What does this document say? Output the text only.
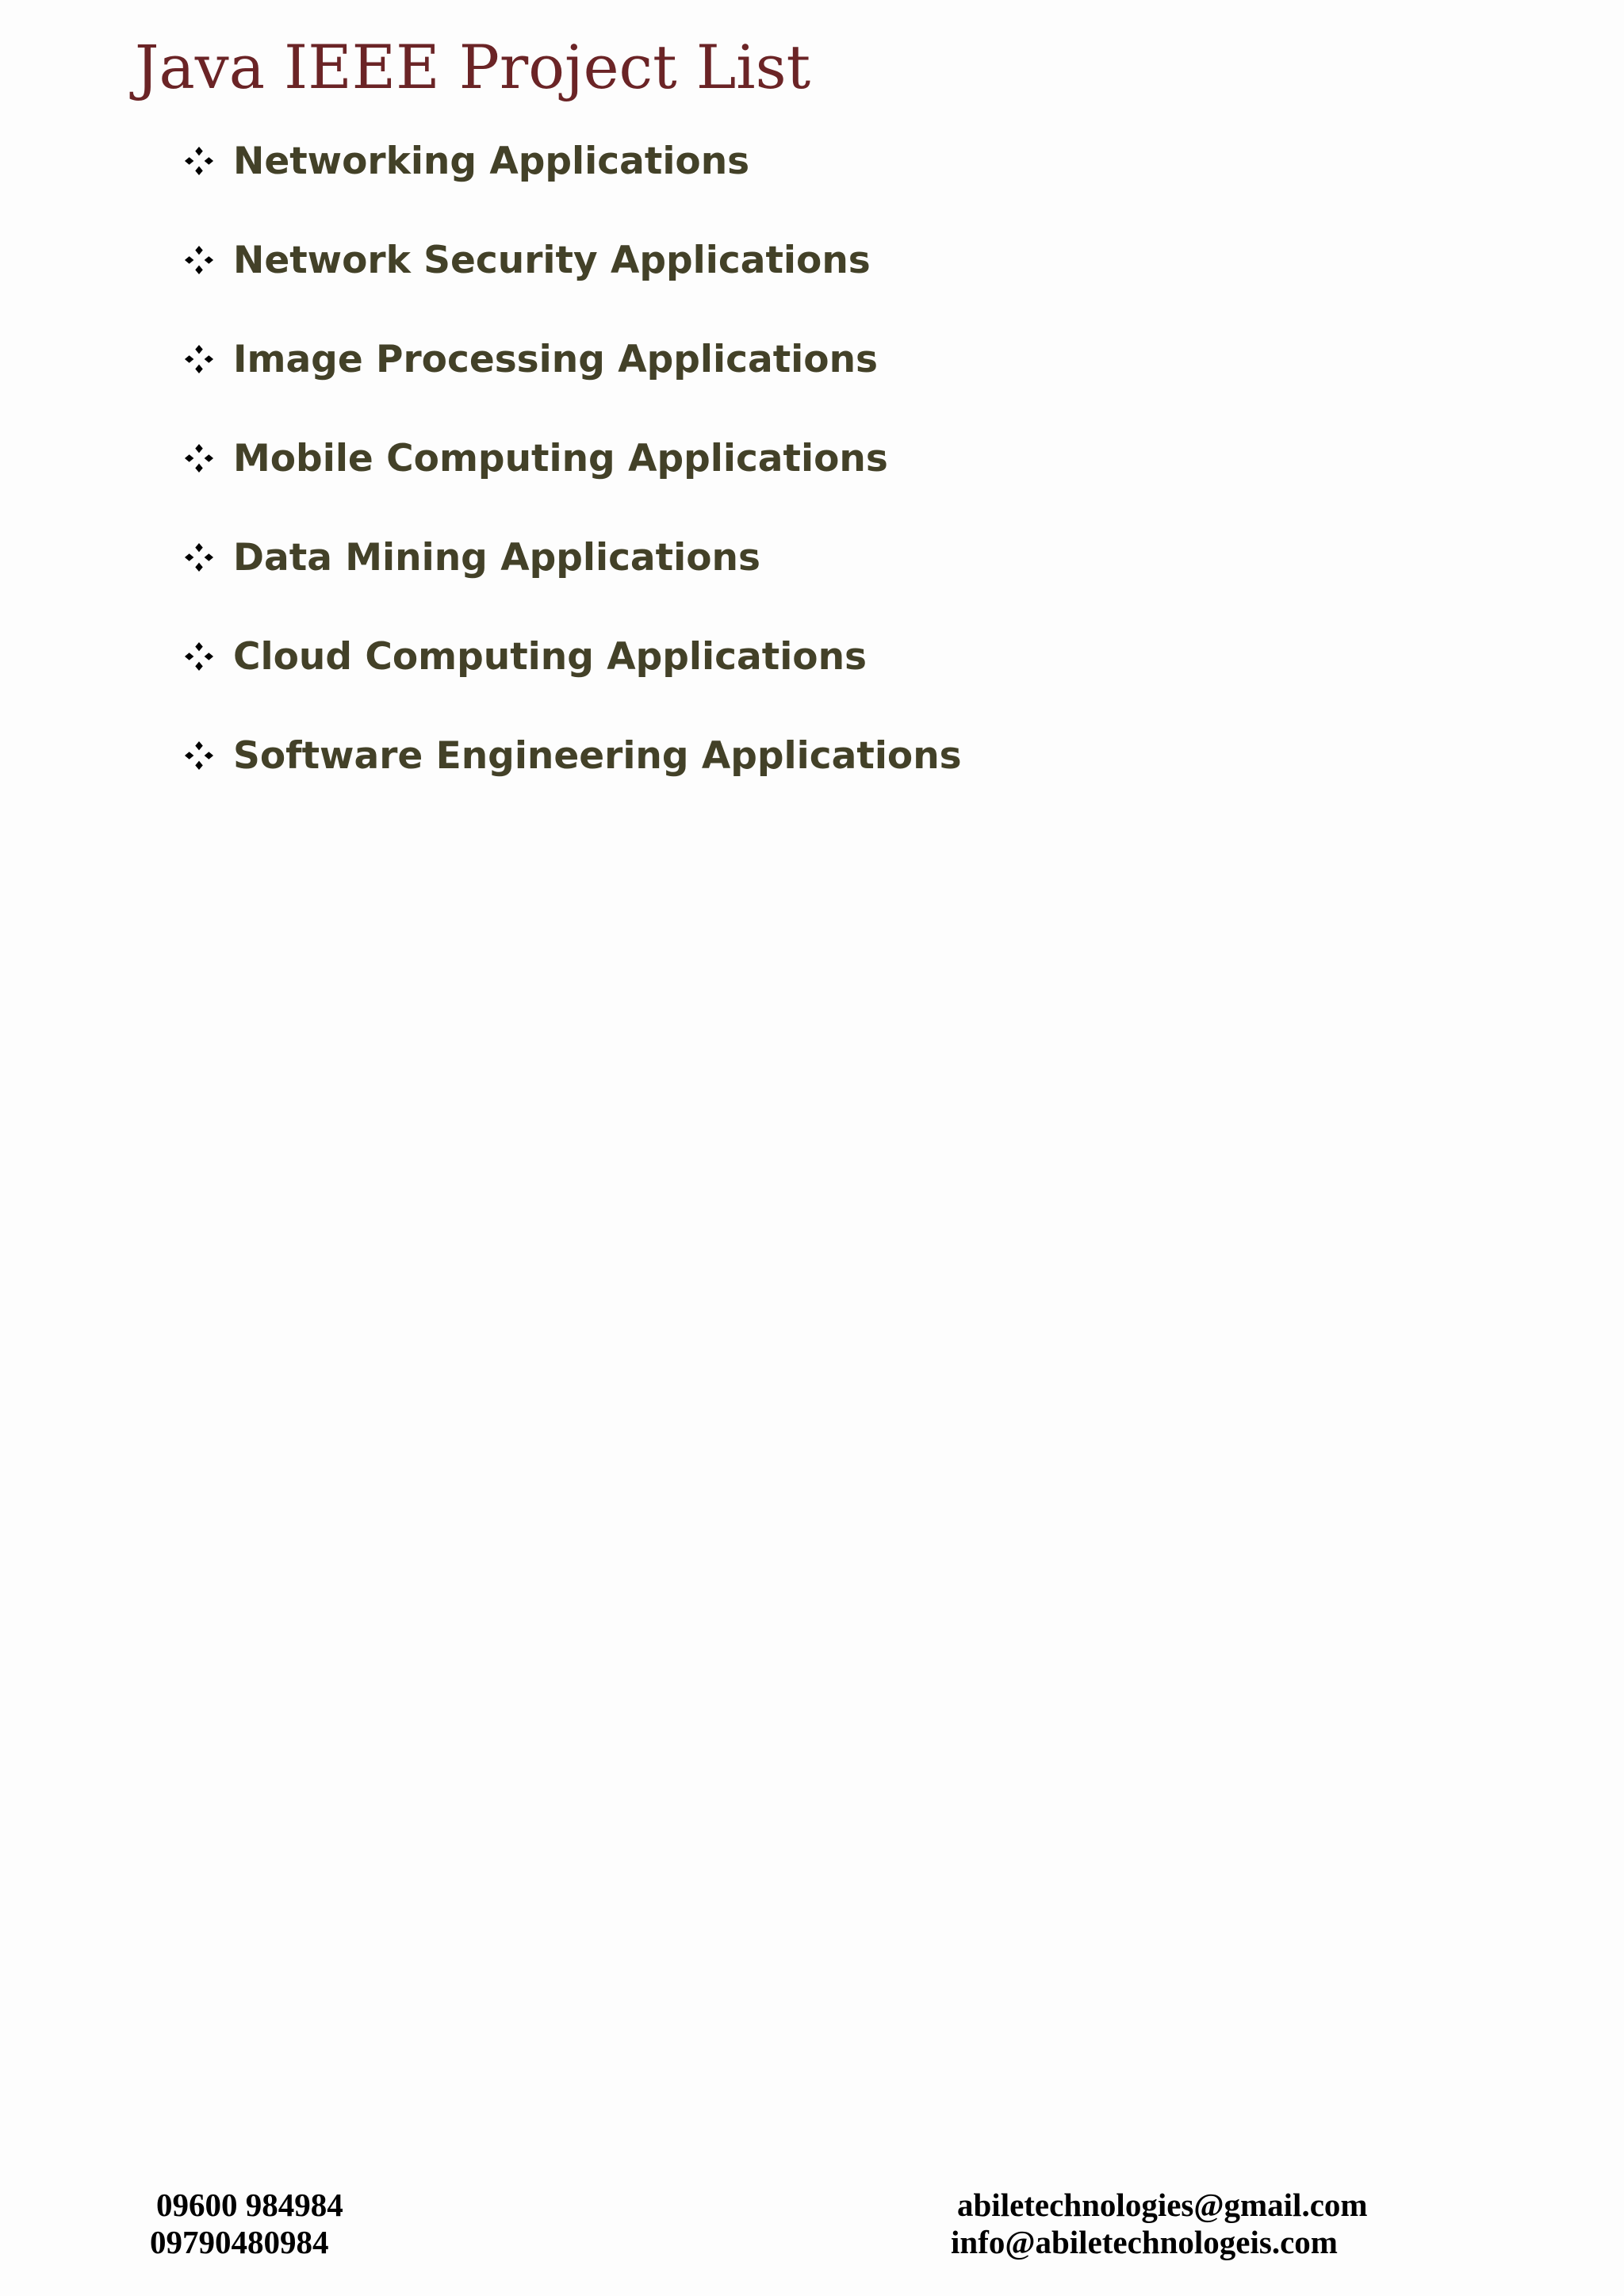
Java IEEE Project List
Networking Applications
Network Security Applications
Image Processing Applications
Mobile Computing Applications
Data Mining Applications
Cloud Computing Applications
Software Engineering Applications
09600 984984
09790480984
abiletechnologies@gmail.com
info@abiletechnologeis.com
